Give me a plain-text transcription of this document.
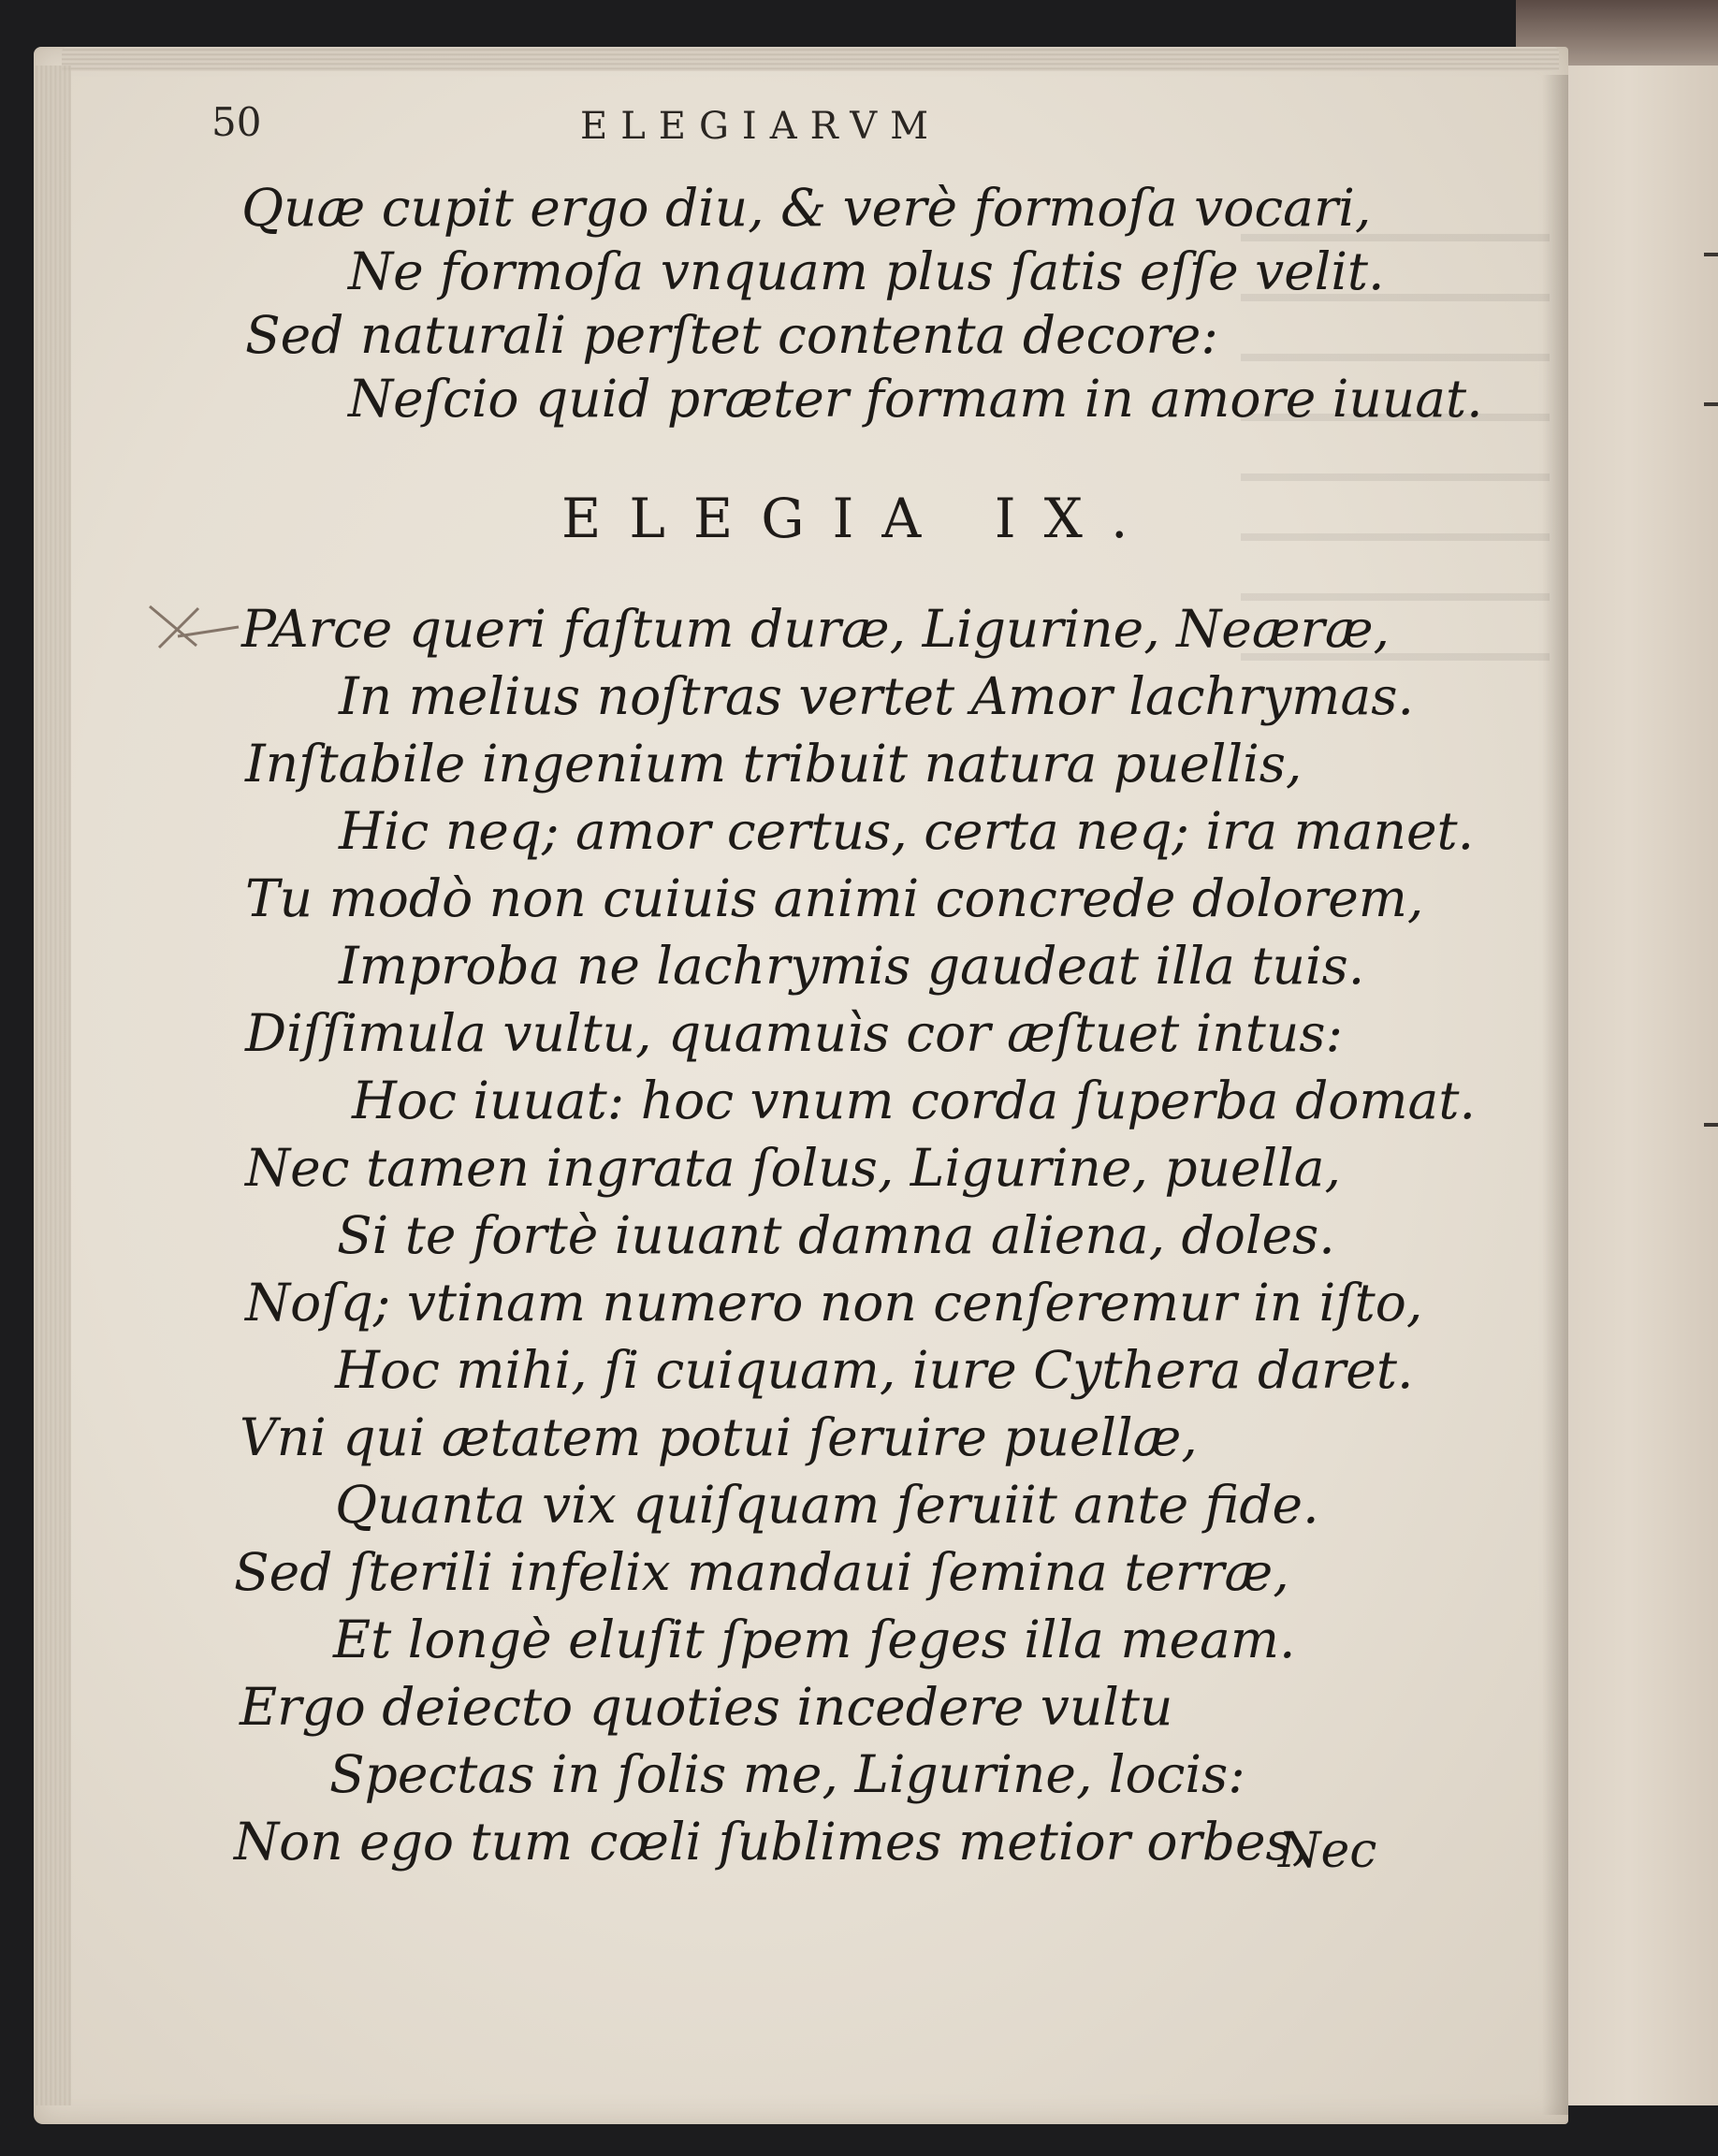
50	ELEGIARVM
Quæ cupit ergo diu, & verè formoſa vocari,
Ne formoſa vnquam plus ſatis eſſe velit.
Sed naturali perſtet contenta decore:
Neſcio quid præter formam in amore iuuat.
ELEGIA IX.
PArce queri faſtum duræ, Ligurine, Neæræ,
In melius noſtras vertet Amor lachrymas.
Inſtabile ingenium tribuit natura puellis,
Hic neq; amor certus, certa neq; ira manet.
Tu modò non cuiuis animi concrede dolorem,
Improba ne lachrymis gaudeat illa tuis.
Diſſimula vultu, quamuìs cor æſtuet intus:
Hoc iuuat: hoc vnum corda ſuperba domat.
Nec tamen ingrata ſolus, Ligurine, puella,
Si te fortè iuuant damna aliena, doles.
Noſq; vtinam numero non cenſeremur in iſto,
Hoc mihi, ſi cuiquam, iure Cythera daret.
Vni qui ætatem potui ſeruire puellæ,
Quanta vix quiſquam ſeruiit ante fide.
Sed ſterili infelix mandaui ſemina terræ,
Et longè eluſit ſpem ſeges illa meam.
Ergo deiecto quoties incedere vultu
Spectas in ſolis me, Ligurine, locis:
Non ego tum cœli ſublimes metior orbes,
Nec
